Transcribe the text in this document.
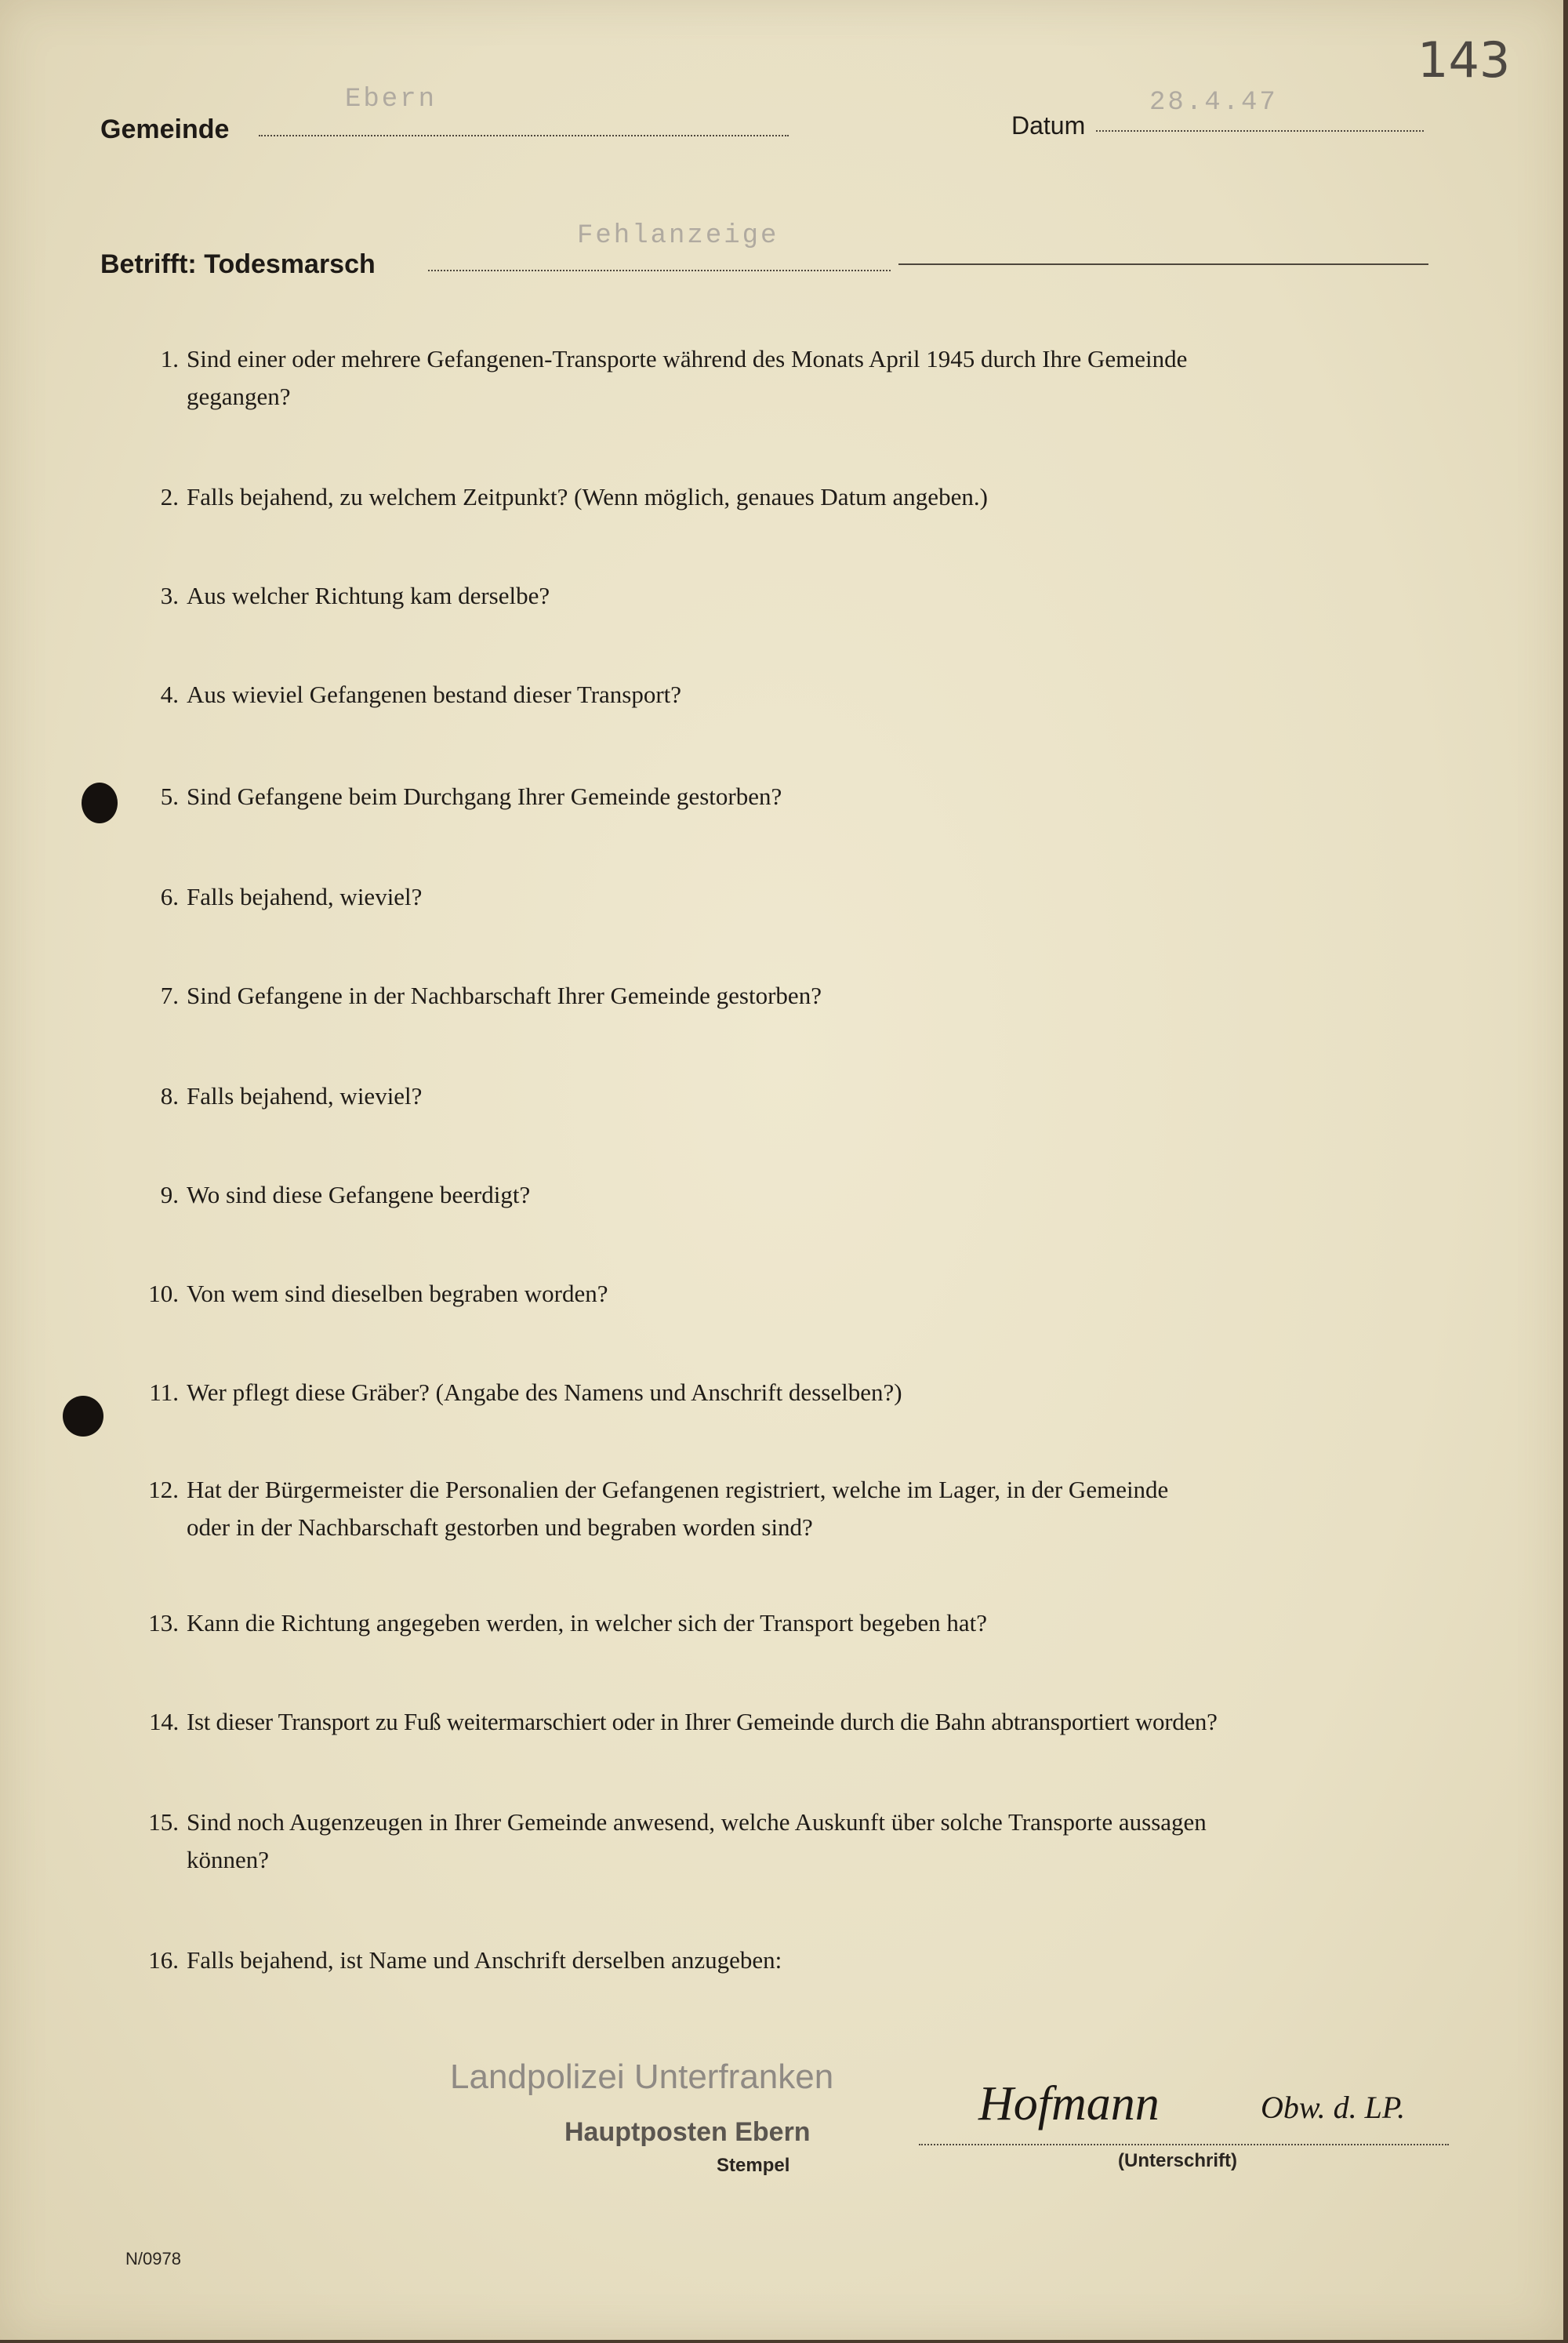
143
Gemeinde
Ebern
Datum
28.4.47
Betrifft: Todesmarsch
Fehlanzeige
1. Sind einer oder mehrere Gefangenen-Transporte während des Monats April 1945 durch Ihre Gemeinde
gegangen?
2. Falls bejahend, zu welchem Zeitpunkt? (Wenn möglich, genaues Datum angeben.)
3. Aus welcher Richtung kam derselbe?
4. Aus wieviel Gefangenen bestand dieser Transport?
5. Sind Gefangene beim Durchgang Ihrer Gemeinde gestorben?
6. Falls bejahend, wieviel?
7. Sind Gefangene in der Nachbarschaft Ihrer Gemeinde gestorben?
8. Falls bejahend, wieviel?
9. Wo sind diese Gefangene beerdigt?
10. Von wem sind dieselben begraben worden?
11. Wer pflegt diese Gräber? (Angabe des Namens und Anschrift desselben?)
12. Hat der Bürgermeister die Personalien der Gefangenen registriert, welche im Lager, in der Gemeinde
oder in der Nachbarschaft gestorben und begraben worden sind?
13. Kann die Richtung angegeben werden, in welcher sich der Transport begeben hat?
14. Ist dieser Transport zu Fuß weitermarschiert oder in Ihrer Gemeinde durch die Bahn abtransportiert worden?
15. Sind noch Augenzeugen in Ihrer Gemeinde anwesend, welche Auskunft über solche Transporte aussagen
können?
16. Falls bejahend, ist Name und Anschrift derselben anzugeben:
Landpolizei Unterfranken
Hauptposten Ebern
Stempel
Hofmann	Obw. d. LP.
(Unterschrift)
N/0978
